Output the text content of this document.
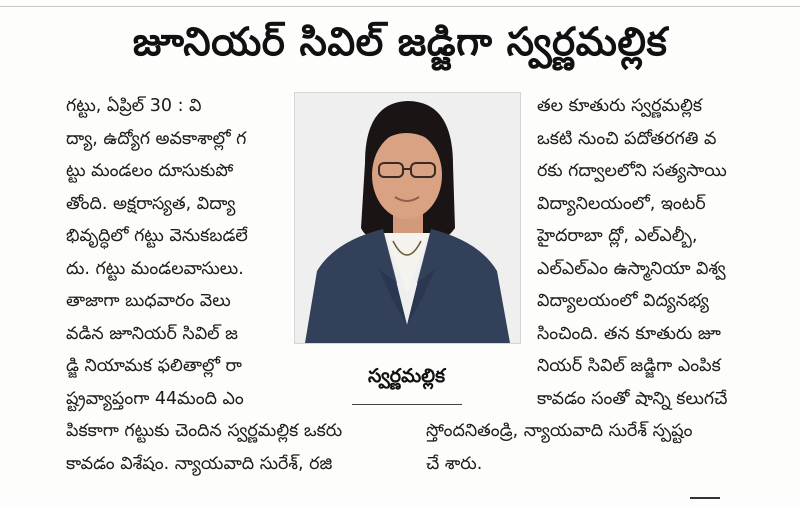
జూనియర్ సివిల్ జడ్జిగా స్వర్ణమల్లిక
గట్టు, ఏప్రిల్ 30 : వి
ద్యా, ఉద్యోగ అవకాశాల్లో గ
ట్టు మండలం దూసుకుపో
తోంది. అక్షరాస్యత, విద్యా
భివృద్ధిలో గట్టు వెనుకబడలే
దు. గట్టు మండలవాసులు.
తాజాగా బుధవారం వెలు
వడిన జూనియర్ సివిల్ జ
డ్జి నియామక ఫలితాల్లో రా
ష్ట్రవ్యాప్తంగా 44మంది ఎం
స్వర్ణమల్లిక
తల కూతురు స్వర్ణమల్లిక
ఒకటి నుంచి పదోతరగతి వ
రకు గద్వాలలోని సత్యసాయి
విద్యానిలయంలో, ఇంటర్
హైదరాబా ద్లో, ఎల్ఎల్బీ,
ఎల్ఎల్ఎం ఉస్మానియా విశ్వ
విద్యాలయంలో విద్యనభ్య
సించింది. తన కూతురు జూ
నియర్ సివిల్ జడ్జిగా ఎంపిక
కావడం సంతో షాన్ని కలుగచే
పికకాగా గట్టుకు చెందిన స్వర్ణమల్లిక ఒకరు
కావడం విశేషం. న్యాయవాది సురేశ్, రజి
స్తోందనితండ్రి, న్యాయవాది సురేశ్ స్పష్టం
చే శారు.
